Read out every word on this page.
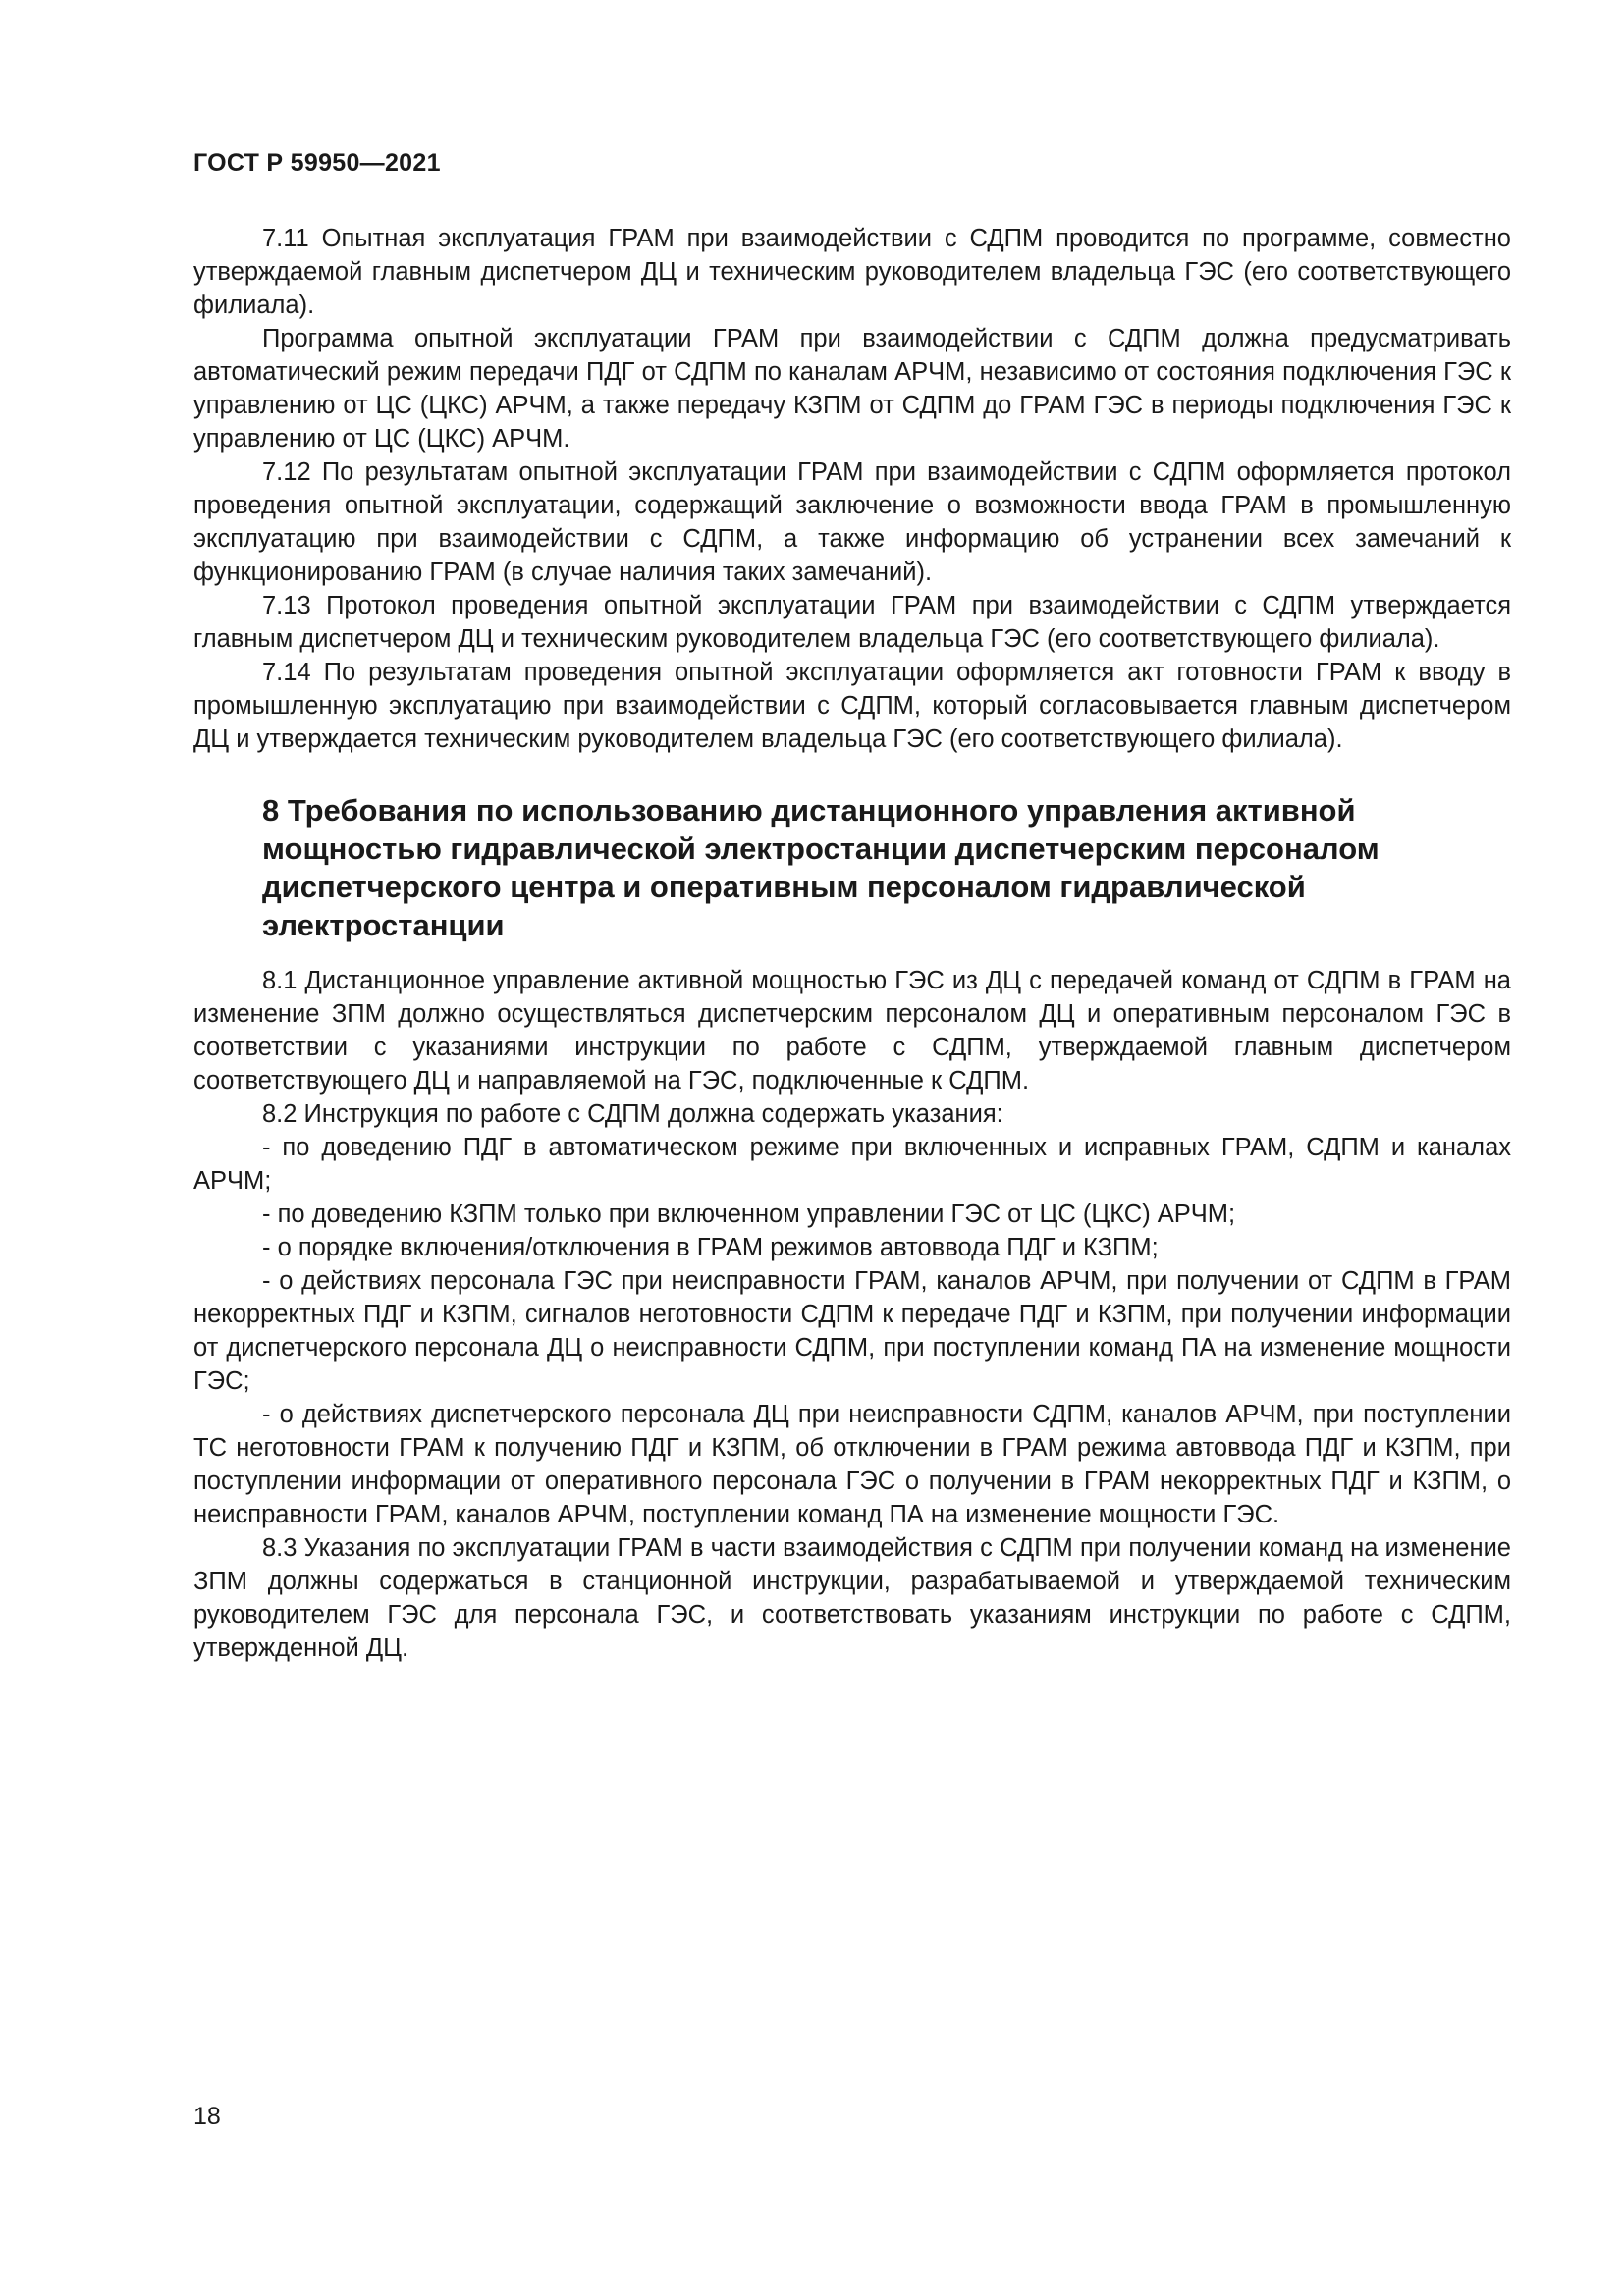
ГОСТ Р 59950—2021

7.11 Опытная эксплуатация ГРАМ при взаимодействии с СДПМ проводится по программе, совместно утверждаемой главным диспетчером ДЦ и техническим руководителем владельца ГЭС (его соответствующего филиала).

Программа опытной эксплуатации ГРАМ при взаимодействии с СДПМ должна предусматривать автоматический режим передачи ПДГ от СДПМ по каналам АРЧМ, независимо от состояния подключения ГЭС к управлению от ЦС (ЦКС) АРЧМ, а также передачу КЗПМ от СДПМ до ГРАМ ГЭС в периоды подключения ГЭС к управлению от ЦС (ЦКС) АРЧМ.

7.12 По результатам опытной эксплуатации ГРАМ при взаимодействии с СДПМ оформляется протокол проведения опытной эксплуатации, содержащий заключение о возможности ввода ГРАМ в промышленную эксплуатацию при взаимодействии с СДПМ, а также информацию об устранении всех замечаний к функционированию ГРАМ (в случае наличия таких замечаний).

7.13 Протокол проведения опытной эксплуатации ГРАМ при взаимодействии с СДПМ утверждается главным диспетчером ДЦ и техническим руководителем владельца ГЭС (его соответствующего филиала).

7.14 По результатам проведения опытной эксплуатации оформляется акт готовности ГРАМ к вводу в промышленную эксплуатацию при взаимодействии с СДПМ, который согласовывается главным диспетчером ДЦ и утверждается техническим руководителем владельца ГЭС (его соответствующего филиала).

8 Требования по использованию дистанционного управления активной мощностью гидравлической электростанции диспетчерским персоналом диспетчерского центра и оперативным персоналом гидравлической электростанции

8.1 Дистанционное управление активной мощностью ГЭС из ДЦ с передачей команд от СДПМ в ГРАМ на изменение ЗПМ должно осуществляться диспетчерским персоналом ДЦ и оперативным персоналом ГЭС в соответствии с указаниями инструкции по работе с СДПМ, утверждаемой главным диспетчером соответствующего ДЦ и направляемой на ГЭС, подключенные к СДПМ.

8.2 Инструкция по работе с СДПМ должна содержать указания:

- по доведению ПДГ в автоматическом режиме при включенных и исправных ГРАМ, СДПМ и каналах АРЧМ;

- по доведению КЗПМ только при включенном управлении ГЭС от ЦС (ЦКС) АРЧМ;

- о порядке включения/отключения в ГРАМ режимов автоввода ПДГ и КЗПМ;

- о действиях персонала ГЭС при неисправности ГРАМ, каналов АРЧМ, при получении от СДПМ в ГРАМ некорректных ПДГ и КЗПМ, сигналов неготовности СДПМ к передаче ПДГ и КЗПМ, при получении информации от диспетчерского персонала ДЦ о неисправности СДПМ, при поступлении команд ПА на изменение мощности ГЭС;

- о действиях диспетчерского персонала ДЦ при неисправности СДПМ, каналов АРЧМ, при поступлении ТС неготовности ГРАМ к получению ПДГ и КЗПМ, об отключении в ГРАМ режима автоввода ПДГ и КЗПМ, при поступлении информации от оперативного персонала ГЭС о получении в ГРАМ некорректных ПДГ и КЗПМ, о неисправности ГРАМ, каналов АРЧМ, поступлении команд ПА на изменение мощности ГЭС.

8.3 Указания по эксплуатации ГРАМ в части взаимодействия с СДПМ при получении команд на изменение ЗПМ должны содержаться в станционной инструкции, разрабатываемой и утверждаемой техническим руководителем ГЭС для персонала ГЭС, и соответствовать указаниям инструкции по работе с СДПМ, утвержденной ДЦ.

18
